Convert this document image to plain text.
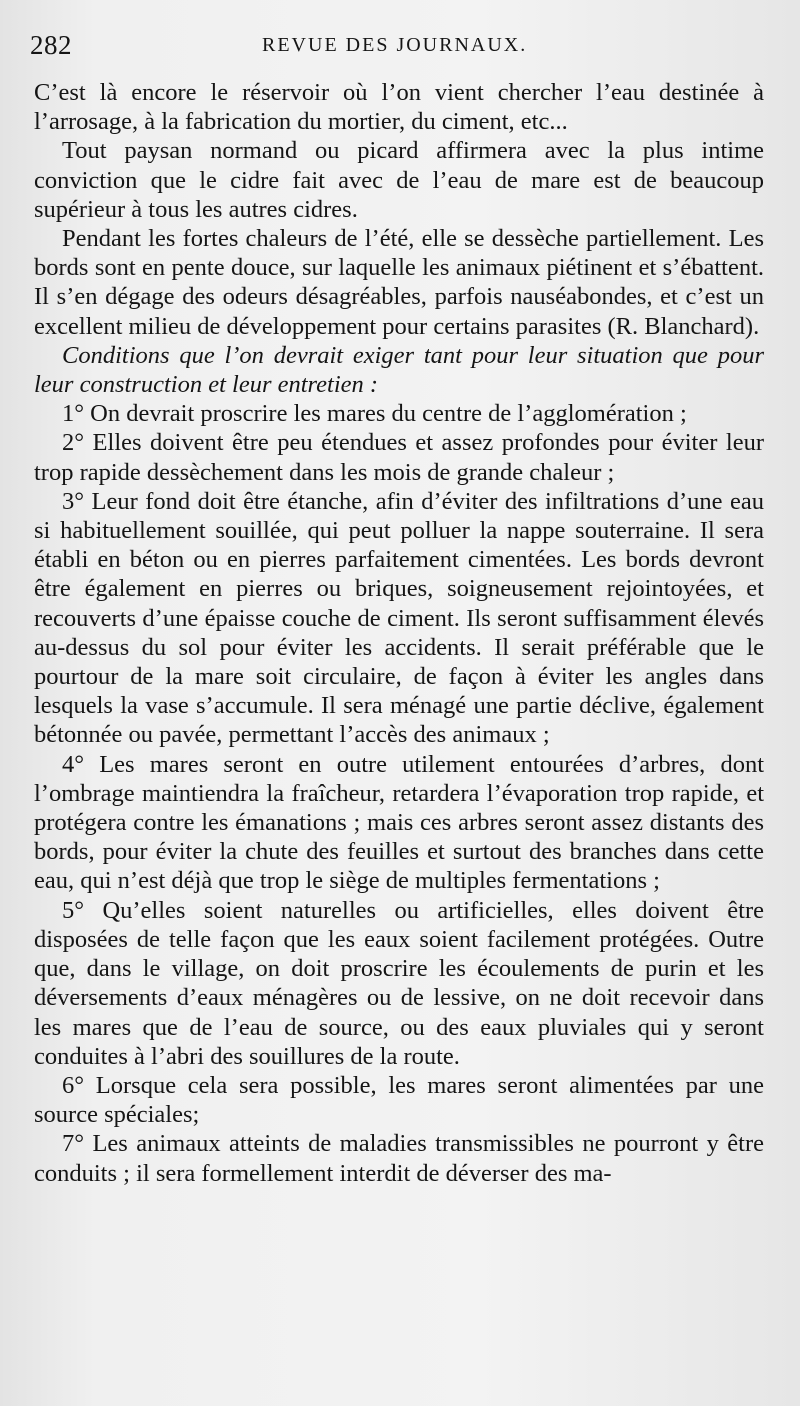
282	REVUE DES JOURNAUX.

C’est là encore le réservoir où l’on vient chercher l’eau destinée à l’arrosage, à la fabrication du mortier, du ciment, etc...

Tout paysan normand ou picard affirmera avec la plus intime conviction que le cidre fait avec de l’eau de mare est de beaucoup supérieur à tous les autres cidres.

Pendant les fortes chaleurs de l’été, elle se dessèche partiellement. Les bords sont en pente douce, sur laquelle les animaux piétinent et s’ébattent. Il s’en dégage des odeurs désagréables, parfois nauséabondes, et c’est un excellent milieu de développement pour certains parasites (R. Blanchard).

Conditions que l’on devrait exiger tant pour leur situation que pour leur construction et leur entretien :

1° On devrait proscrire les mares du centre de l’agglomération ;

2° Elles doivent être peu étendues et assez profondes pour éviter leur trop rapide dessèchement dans les mois de grande chaleur ;

3° Leur fond doit être étanche, afin d’éviter des infiltrations d’une eau si habituellement souillée, qui peut polluer la nappe souterraine. Il sera établi en béton ou en pierres parfaitement cimentées. Les bords devront être également en pierres ou briques, soigneusement rejointoyées, et recouverts d’une épaisse couche de ciment. Ils seront suffisamment élevés au-dessus du sol pour éviter les accidents. Il serait préférable que le pourtour de la mare soit circulaire, de façon à éviter les angles dans lesquels la vase s’accumule. Il sera ménagé une partie déclive, également bétonnée ou pavée, permettant l’accès des animaux ;

4° Les mares seront en outre utilement entourées d’arbres, dont l’ombrage maintiendra la fraîcheur, retardera l’évaporation trop rapide, et protégera contre les émanations ; mais ces arbres seront assez distants des bords, pour éviter la chute des feuilles et surtout des branches dans cette eau, qui n’est déjà que trop le siège de multiples fermentations ;

5° Qu’elles soient naturelles ou artificielles, elles doivent être disposées de telle façon que les eaux soient facilement protégées. Outre que, dans le village, on doit proscrire les écoulements de purin et les déversements d’eaux ménagères ou de lessive, on ne doit recevoir dans les mares que de l’eau de source, ou des eaux pluviales qui y seront conduites à l’abri des souillures de la route.

6° Lorsque cela sera possible, les mares seront alimentées par une source spéciales;

7° Les animaux atteints de maladies transmissibles ne pourront y être conduits ; il sera formellement interdit de déverser des ma-
